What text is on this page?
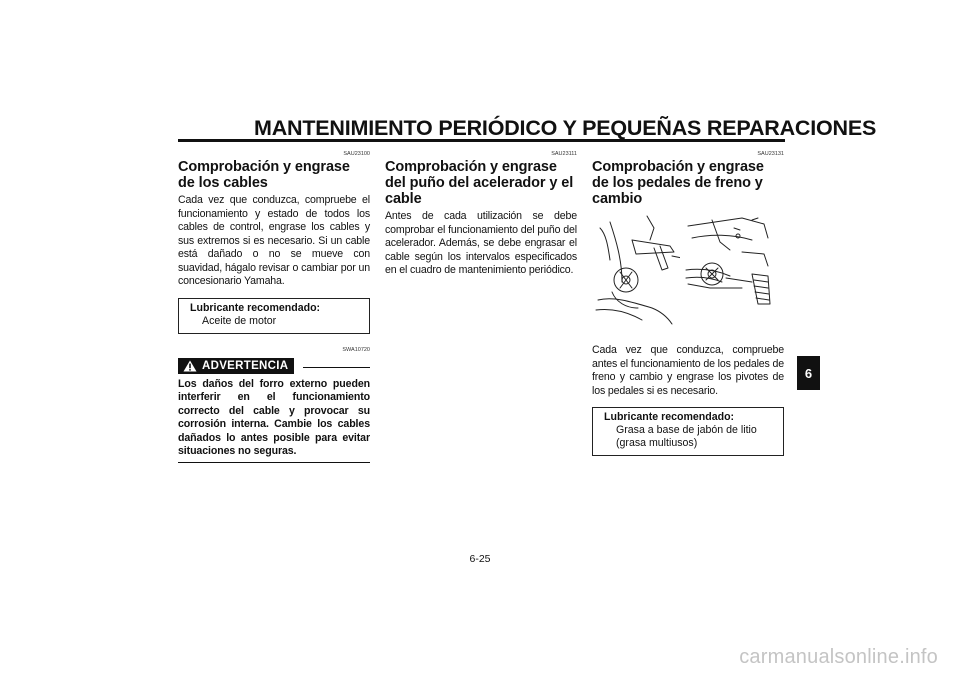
MANTENIMIENTO PERIÓDICO Y PEQUEÑAS REPARACIONES
SAU23100
Comprobación y engrase de los cables
Cada vez que conduzca, compruebe el funcionamiento y estado de todos los cables de control, engrase los cables y sus extremos si es necesario. Si un cable está dañado o no se mueve con suavidad, hágalo revisar o cambiar por un concesionario Yamaha.
Lubricante recomendado:
Aceite de motor
SWA10720
ADVERTENCIA
Los daños del forro externo pueden interferir en el funcionamiento correcto del cable y provocar su corrosión interna. Cambie los cables dañados lo antes posible para evitar situaciones no seguras.
SAU23111
Comprobación y engrase del puño del acelerador y el cable
Antes de cada utilización se debe comprobar el funcionamiento del puño del acelerador. Además, se debe engrasar el cable según los intervalos especificados en el cuadro de mantenimiento periódico.
SAU23131
Comprobación y engrase de los pedales de freno y cambio
Cada vez que conduzca, compruebe antes el funcionamiento de los pedales de freno y cambio y engrase los pivotes de los pedales si es necesario.
Lubricante recomendado:
Grasa a base de jabón de litio (grasa multiusos)
6
6-25
carmanualsonline.info
